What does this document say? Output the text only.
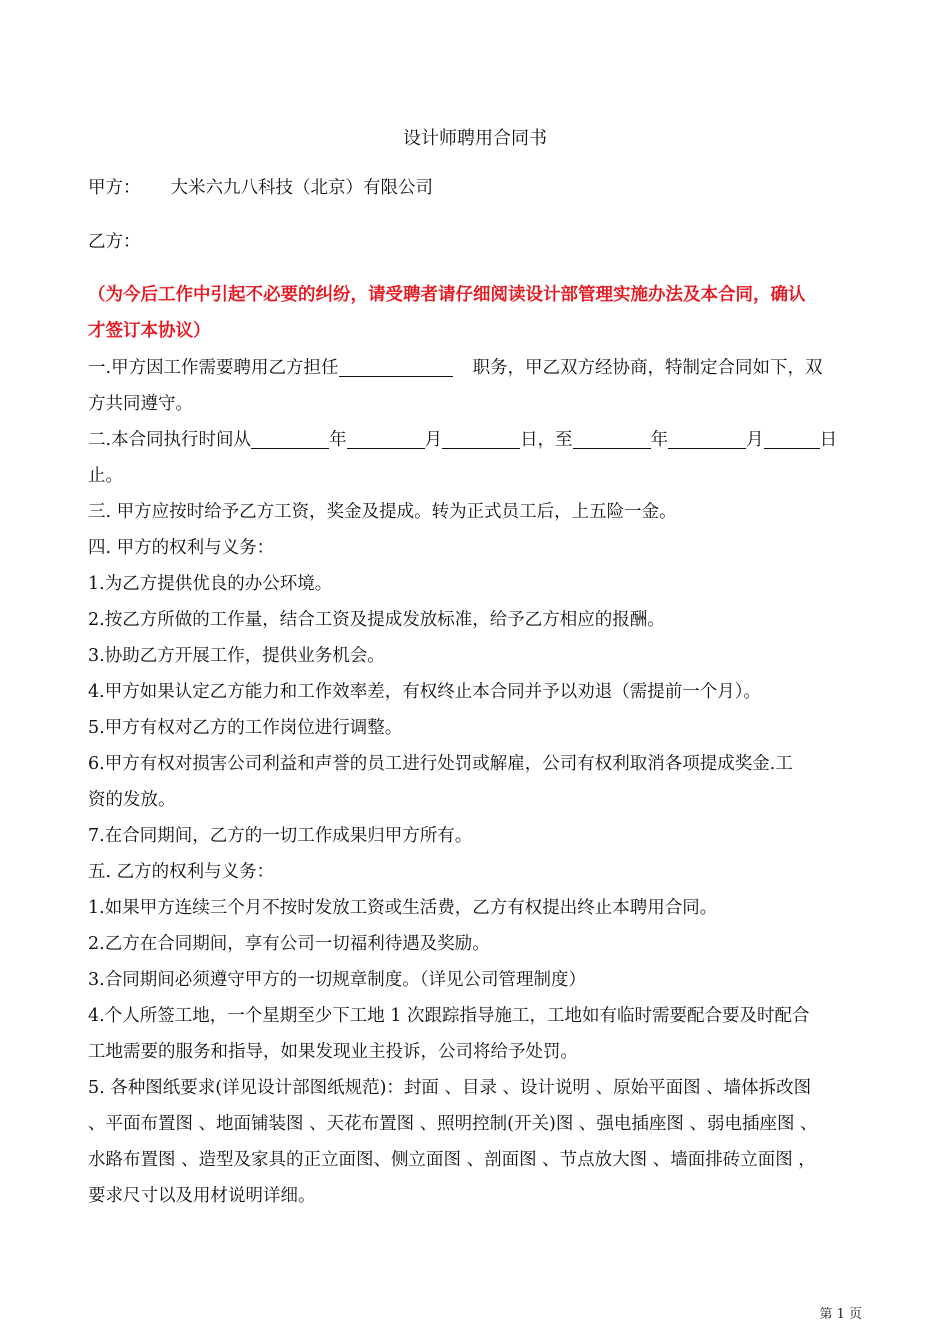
设计师聘用合同书
甲方： 大米六九八科技（北京）有限公司
乙方：
（为今后工作中引起不必要的纠纷，请受聘者请仔细阅读设计部管理实施办法及本合同，确认
才签订本协议）
一.甲方因工作需要聘用乙方担任	职务，甲乙双方经协商，特制定合同如下，双
方共同遵守。
二.本合同执行时间从	年	月	日，至	年	月	日
止。
三. 甲方应按时给予乙方工资，奖金及提成。转为正式员工后，上五险一金。
四. 甲方的权利与义务：
1.为乙方提供优良的办公环境。
2.按乙方所做的工作量，结合工资及提成发放标准，给予乙方相应的报酬。
3.协助乙方开展工作，提供业务机会。
4.甲方如果认定乙方能力和工作效率差，有权终止本合同并予以劝退（需提前一个月）。
5.甲方有权对乙方的工作岗位进行调整。
6.甲方有权对损害公司利益和声誉的员工进行处罚或解雇，公司有权利取消各项提成奖金.工
资的发放。
7.在合同期间，乙方的一切工作成果归甲方所有。
五. 乙方的权利与义务：
1.如果甲方连续三个月不按时发放工资或生活费，乙方有权提出终止本聘用合同。
2.乙方在合同期间，享有公司一切福利待遇及奖励。
3.合同期间必须遵守甲方的一切规章制度。（详见公司管理制度）
4.个人所签工地，一个星期至少下工地 1 次跟踪指导施工，工地如有临时需要配合要及时配合
工地需要的服务和指导，如果发现业主投诉，公司将给予处罚。
5. 各种图纸要求(详见设计部图纸规范)：封面 、目录 、设计说明 、原始平面图 、墙体拆改图
、平面布置图 、地面铺装图 、天花布置图 、照明控制(开关)图 、强电插座图 、弱电插座图 、
水路布置图 、造型及家具的正立面图、侧立面图 、剖面图 、节点放大图 、墙面排砖立面图 ，
要求尺寸以及用材说明详细。
第 1 页
